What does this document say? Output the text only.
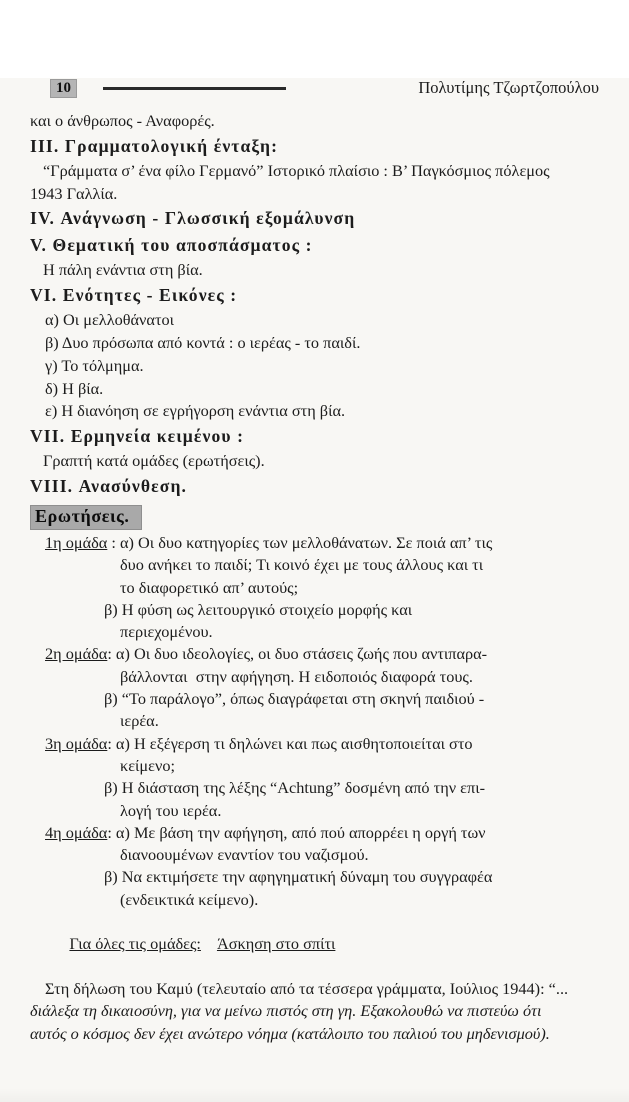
10	Πολυτίμης Τζωρτζοπούλου
και ο άνθρωπος - Αναφορές.
III. Γραμματολογική ένταξη:
“Γράμματα σ’ ένα φίλο Γερμανό” Ιστορικό πλαίσιο : Β’ Παγκόσμιος πόλεμος
1943 Γαλλία.
IV. Ανάγνωση - Γλωσσική εξομάλυνση
V. Θεματική του αποσπάσματος :
Η πάλη ενάντια στη βία.
VI. Ενότητες - Εικόνες :
α) Οι μελλοθάνατοι
β) Δυο πρόσωπα από κοντά : ο ιερέας - το παιδί.
γ) Το τόλμημα.
δ) Η βία.
ε) Η διανόηση σε εγρήγορση ενάντια στη βία.
VII. Ερμηνεία κειμένου :
Γραπτή κατά ομάδες (ερωτήσεις).
VIII. Ανασύνθεση.
Ερωτήσεις.
1η ομάδα : α) Οι δυο κατηγορίες των μελλοθάνατων. Σε ποιά απ’ τις
δυο ανήκει το παιδί; Τι κοινό έχει με τους άλλους και τι
το διαφορετικό απ’ αυτούς;
β) Η φύση ως λειτουργικό στοιχείο μορφής και
περιεχομένου.
2η ομάδα: α) Οι δυο ιδεολογίες, οι δυο στάσεις ζωής που αντιπαρα-
βάλλονται  στην αφήγηση. Η ειδοποιός διαφορά τους.
β) “Το παράλογο”, όπως διαγράφεται στη σκηνή παιδιού -
ιερέα.
3η ομάδα: α) Η εξέγερση τι δηλώνει και πως αισθητοποιείται στο
κείμενο;
β) Η διάσταση της λέξης “Achtung” δοσμένη από την επι-
λογή του ιερέα.
4η ομάδα: α) Με βάση την αφήγηση, από πού απορρέει η οργή των
διανοουμένων εναντίον του ναζισμού.
β) Να εκτιμήσετε την αφηγηματική δύναμη του συγγραφέα
(ενδεικτικά κείμενο).

Για όλες τις ομάδες: Άσκηση στο σπίτι

Στη δήλωση του Καμύ (τελευταίο από τα τέσσερα γράμματα, Ιούλιος 1944): “...
διάλεξα τη δικαιοσύνη, για να μείνω πιστός στη γη. Εξακολουθώ να πιστεύω ότι
αυτός ο κόσμος δεν έχει ανώτερο νόημα (κατάλοιπο του παλιού του μηδενισμού).
